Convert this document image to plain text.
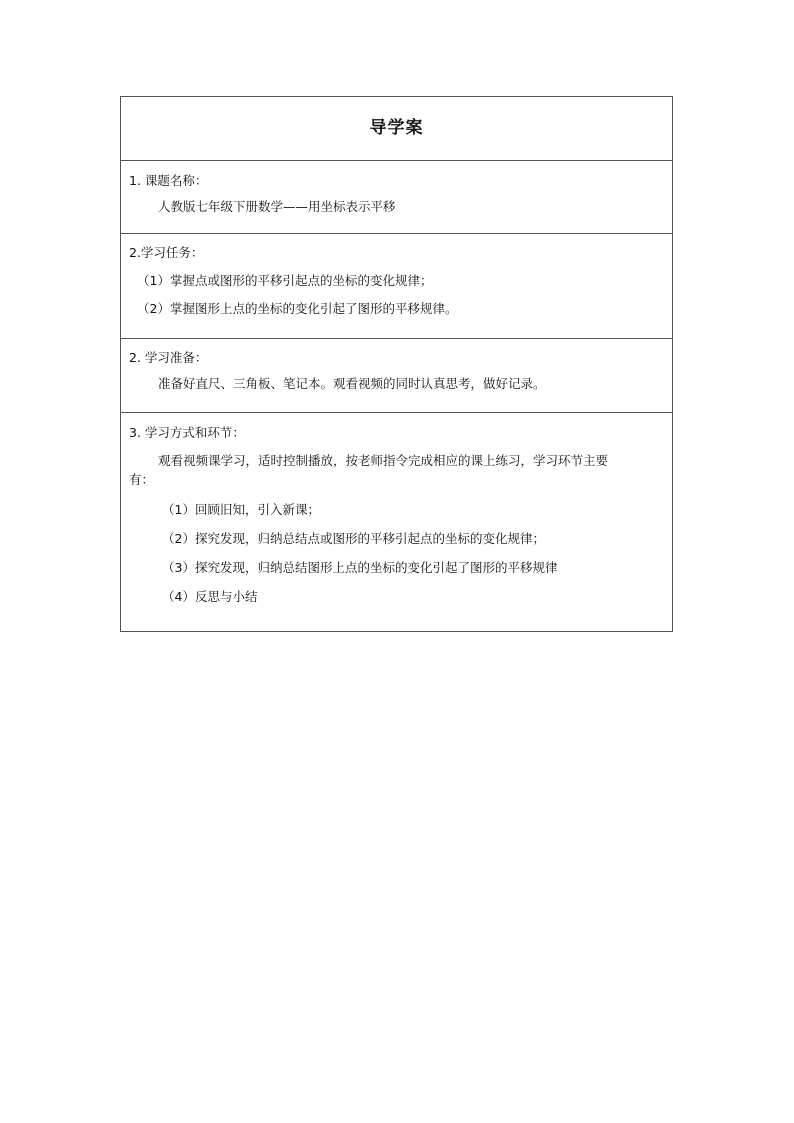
导学案
1. 课题名称：
人教版七年级下册数学——用坐标表示平移
2.学习任务：
（1）掌握点或图形的平移引起点的坐标的变化规律；
（2）掌握图形上点的坐标的变化引起了图形的平移规律。
2. 学习准备：
准备好直尺、三角板、笔记本。观看视频的同时认真思考，做好记录。
3. 学习方式和环节：
观看视频课学习，适时控制播放，按老师指令完成相应的课上练习，学习环节主要
有：
（1）回顾旧知，引入新课；
（2）探究发现，归纳总结点或图形的平移引起点的坐标的变化规律；
（3）探究发现，归纳总结图形上点的坐标的变化引起了图形的平移规律
（4）反思与小结
